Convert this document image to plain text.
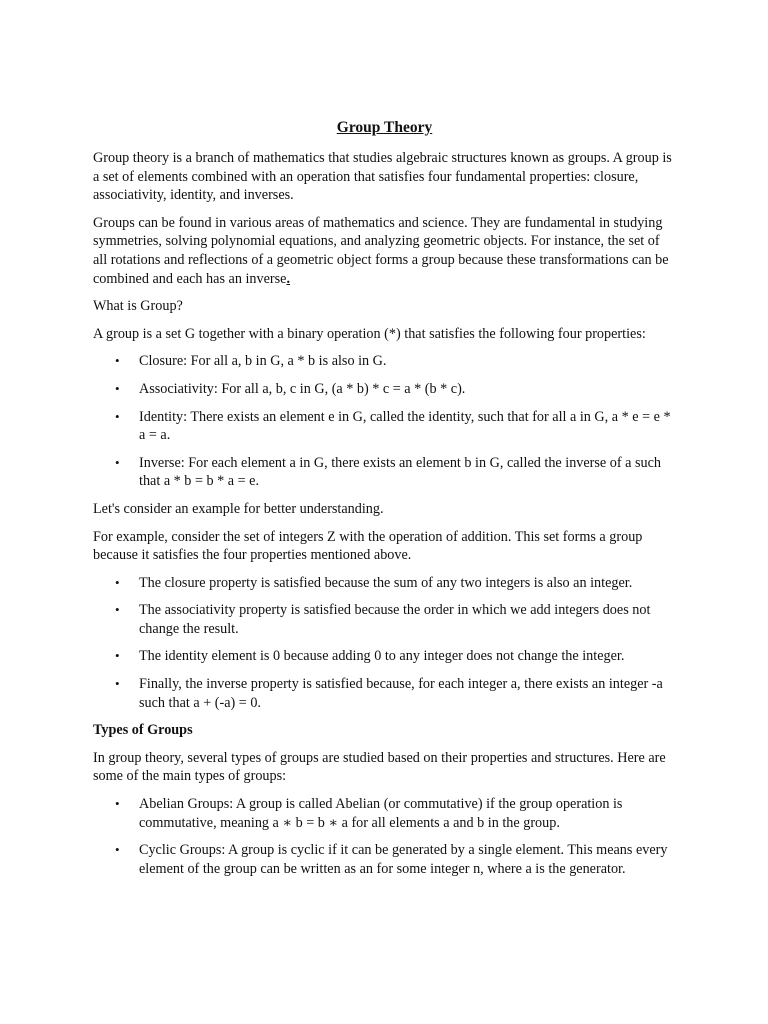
Group Theory

Group theory is a branch of mathematics that studies algebraic structures known as groups. A group is a set of elements combined with an operation that satisfies four fundamental properties: closure, associativity, identity, and inverses.

Groups can be found in various areas of mathematics and science. They are fundamental in studying symmetries, solving polynomial equations, and analyzing geometric objects. For instance, the set of all rotations and reflections of a geometric object forms a group because these transformations can be combined and each has an inverse.

What is Group?

A group is a set G together with a binary operation (*) that satisfies the following four properties:

• Closure: For all a, b in G, a * b is also in G.
• Associativity: For all a, b, c in G, (a * b) * c = a * (b * c).
• Identity: There exists an element e in G, called the identity, such that for all a in G, a * e = e * a = a.
• Inverse: For each element a in G, there exists an element b in G, called the inverse of a such that a * b = b * a = e.

Let's consider an example for better understanding.

For example, consider the set of integers Z with the operation of addition. This set forms a group because it satisfies the four properties mentioned above.

• The closure property is satisfied because the sum of any two integers is also an integer.
• The associativity property is satisfied because the order in which we add integers does not change the result.
• The identity element is 0 because adding 0 to any integer does not change the integer.
• Finally, the inverse property is satisfied because, for each integer a, there exists an integer -a such that a + (-a) = 0.
Types of Groups

In group theory, several types of groups are studied based on their properties and structures. Here are some of the main types of groups:

• Abelian Groups: A group is called Abelian (or commutative) if the group operation is commutative, meaning a ∗ b = b ∗ a for all elements a and b in the group.
• Cyclic Groups: A group is cyclic if it can be generated by a single element. This means every element of the group can be written as an for some integer n, where a is the generator.
